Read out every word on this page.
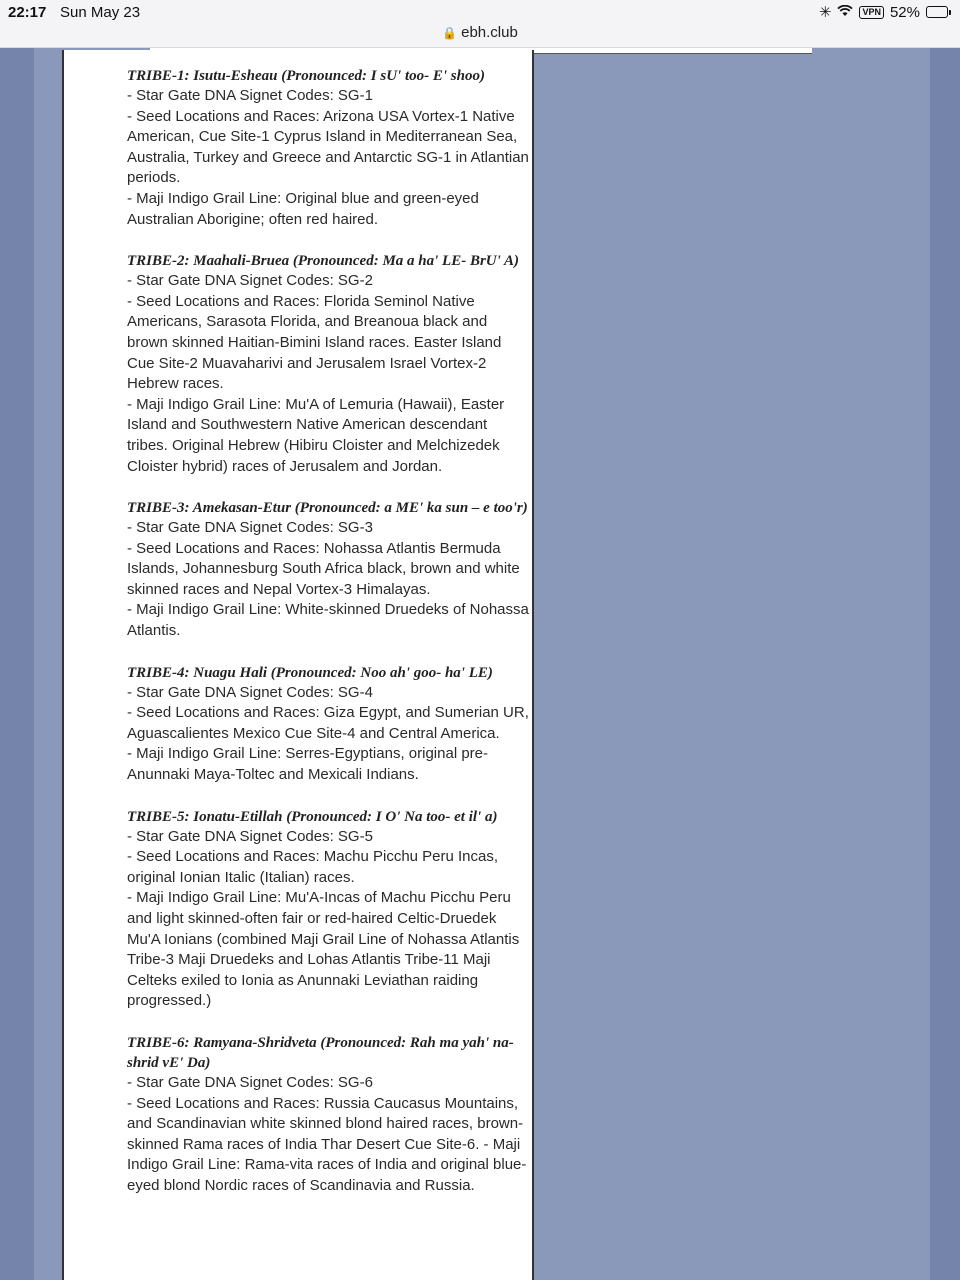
22:17 Sun May 23	✳	VPN 52%
🔒 ebh.club
TRIBE-1: Isutu-Esheau (Pronounced: I sU' too- E' shoo)
- Star Gate DNA Signet Codes: SG-1
- Seed Locations and Races: Arizona USA Vortex-1 Native American, Cue Site-1 Cyprus Island in Mediterranean Sea, Australia, Turkey and Greece and Antarctic SG-1 in Atlantian periods.
- Maji Indigo Grail Line: Original blue and green-eyed Australian Aborigine; often red haired.
TRIBE-2: Maahali-Bruea (Pronounced: Ma a ha' LE- BrU' A)
- Star Gate DNA Signet Codes: SG-2
- Seed Locations and Races: Florida Seminol Native Americans, Sarasota Florida, and Breanoua black and brown skinned Haitian-Bimini Island races. Easter Island Cue Site-2 Muavaharivi and Jerusalem Israel Vortex-2 Hebrew races.
- Maji Indigo Grail Line: Mu'A of Lemuria (Hawaii), Easter Island and Southwestern Native American descendant tribes. Original Hebrew (Hibiru Cloister and Melchizedek Cloister hybrid) races of Jerusalem and Jordan.
TRIBE-3: Amekasan-Etur (Pronounced: a ME' ka sun – e too'r)
- Star Gate DNA Signet Codes: SG-3
- Seed Locations and Races: Nohassa Atlantis Bermuda Islands, Johannesburg South Africa black, brown and white skinned races and Nepal Vortex-3 Himalayas.
- Maji Indigo Grail Line: White-skinned Druedeks of Nohassa Atlantis.
TRIBE-4: Nuagu Hali (Pronounced: Noo ah' goo- ha' LE)
- Star Gate DNA Signet Codes: SG-4
- Seed Locations and Races: Giza Egypt, and Sumerian UR, Aguascalientes Mexico Cue Site-4 and Central America.
- Maji Indigo Grail Line: Serres-Egyptians, original pre-Anunnaki Maya-Toltec and Mexicali Indians.
TRIBE-5: Ionatu-Etillah (Pronounced: I O' Na too- et il' a)
- Star Gate DNA Signet Codes: SG-5
- Seed Locations and Races: Machu Picchu Peru Incas, original Ionian Italic (Italian) races.
- Maji Indigo Grail Line: Mu'A-Incas of Machu Picchu Peru and light skinned-often fair or red-haired Celtic-Druedek Mu'A Ionians (combined Maji Grail Line of Nohassa Atlantis Tribe-3 Maji Druedeks and Lohas Atlantis Tribe-11 Maji Celteks exiled to Ionia as Anunnaki Leviathan raiding progressed.)
TRIBE-6: Ramyana-Shridveta (Pronounced: Rah ma yah' na-shrid vE' Da)
- Star Gate DNA Signet Codes: SG-6
- Seed Locations and Races: Russia Caucasus Mountains, and Scandinavian white skinned blond haired races, brown-skinned Rama races of India Thar Desert Cue Site-6. - Maji Indigo Grail Line: Rama-vita races of India and original blue-eyed blond Nordic races of Scandinavia and Russia.
